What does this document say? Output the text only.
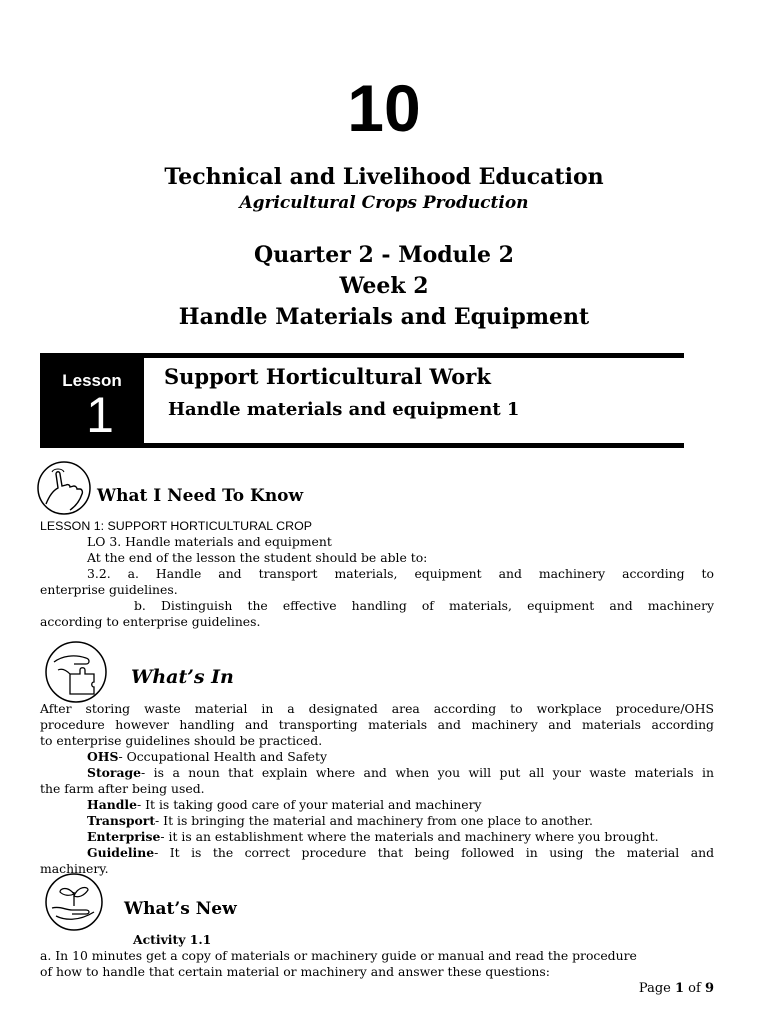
10
Technical and Livelihood Education
Agricultural Crops Production
Quarter 2 - Module 2
Week 2
Handle Materials and Equipment
Lesson
1
Support Horticultural Work
Handle materials and equipment 1
What I Need To Know
LESSON 1: SUPPORT HORTICULTURAL CROP
LO 3. Handle materials and equipment
At the end of the lesson the student should be able to:
3.2. a. Handle and transport materials, equipment and machinery according to
enterprise guidelines.
b. Distinguish the effective handling of materials, equipment and machinery
according to enterprise guidelines.
What’s In
After storing waste material in a designated area according to workplace procedure/OHS
procedure however handling and transporting materials and machinery and materials according
to enterprise guidelines should be practiced.
OHS- Occupational Health and Safety
Storage- is a noun that explain where and when you will put all your waste materials in
the farm after being used.
Handle- It is taking good care of your material and machinery
Transport- It is bringing the material and machinery from one place to another.
Enterprise- it is an establishment where the materials and machinery where you brought.
Guideline- It is the correct procedure that being followed in using the material and
machinery.
What’s New
Activity 1.1
a. In 10 minutes get a copy of materials or machinery guide or manual and read the procedure
of how to handle that certain material or machinery and answer these questions:
Page 1 of 9
